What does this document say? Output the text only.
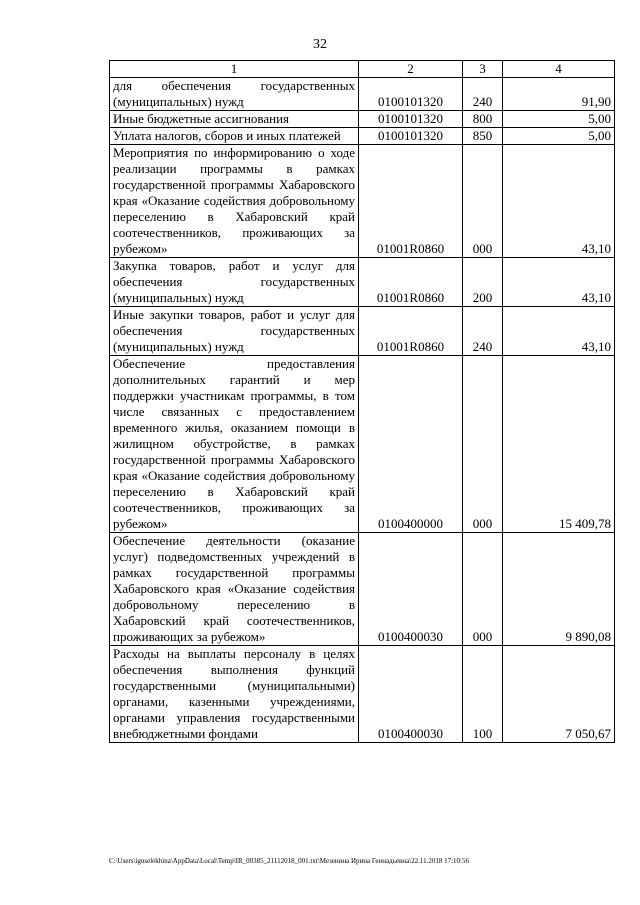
32
1	2	3	4
для обеспечения государственных (муниципальных) нужд	0100101320	240	91,90
Иные бюджетные ассигнования	0100101320	800	5,00
Уплата налогов, сборов и иных платежей	0100101320	850	5,00
Мероприятия по информированию о ходе реализации программы в рамках государственной программы Хабаровского края «Оказание содействия добровольному переселению в Хабаровский край соотечественников, проживающих за рубежом»	01001R0860	000	43,10
Закупка товаров, работ и услуг для обеспечения государственных (муниципальных) нужд	01001R0860	200	43,10
Иные закупки товаров, работ и услуг для обеспечения государственных (муниципальных) нужд	01001R0860	240	43,10
Обеспечение предоставления дополнительных гарантий и мер поддержки участникам программы, в том числе связанных с предоставлением временного жилья, оказанием помощи в жилищном обустройстве, в рамках государственной программы Хабаровского края «Оказание содействия добровольному переселению в Хабаровский край соотечественников, проживающих за рубежом»	0100400000	000	15 409,78
Обеспечение деятельности (оказание услуг) подведомственных учреждений в рамках государственной программы Хабаровского края «Оказание содействия добровольному переселению в Хабаровский край соотечественников, проживающих за рубежом»	0100400030	000	9 890,08
Расходы на выплаты персоналу в целях обеспечения выполнения функций государственными (муниципальными) органами, казенными учреждениями, органами управления государственными внебюджетными фондами	0100400030	100	7 050,67
C:\Users\iguselekhina\AppData\Local\Temp\IR_00385_21112018_001.txt\Мезенина Ирина Геннадьевна\22.11.2018 17:10:56
